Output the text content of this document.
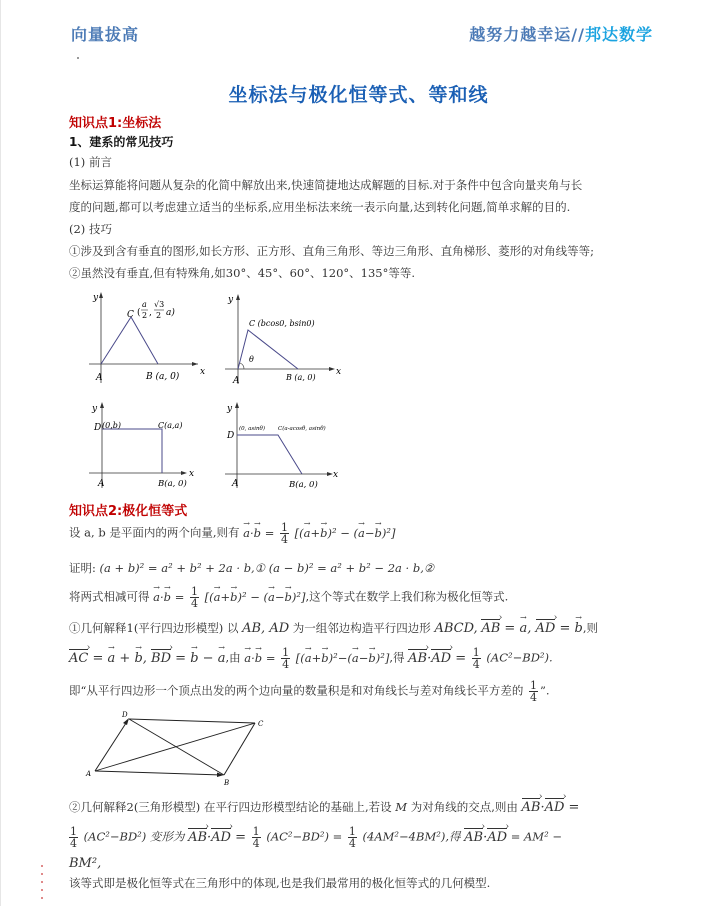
向量拔高	越努力越幸运//邦达数学
坐标法与极化恒等式、等和线
知识点1:坐标法
1、建系的常见技巧
(1) 前言
坐标运算能将问题从复杂的化简中解放出来,快速简捷地达成解题的目标.对于条件中包含向量夹角与长
度的问题,都可以考虑建立适当的坐标系,应用坐标法来统一表示向量,达到转化问题,简单求解的目的.
(2) 技巧
①涉及到含有垂直的图形,如长方形、正方形、直角三角形、等边三角形、直角梯形、菱形的对角线等等;
②虽然没有垂直,但有特殊角,如30°、45°、60°、120°、135°等等.
y
x
A	B (a, 0)
C (
a
2 ,
√3
2 a)
y
x
A	B (a, 0)
C (bcos0, bsin0)
θ
y
x
A	B(a, 0)
D (0,b)	C(a,a)
y
x
A	B(a, 0)
D
(0, asinθ) C(a-acosθ, asinθ)
知识点2:极化恒等式
设 a, b 是平面内的两个向量,则有 → $a\cdot\to b = \frac{1}{4}$ [(→ a+→ b)² − (→ a−→ b)²]
证明: (a + b)² = a² + b² + 2a · b,① (a − b)² = a² + b² − 2a · b,②
将两式相减可得 → $a\cdot\to b = \frac{1}{4}$ [(→ a+→ b)² − (→ a−→ b)²],这个等式在数学上我们称为极化恒等式.
①几何解释1(平行四边形模型) 以 AB, AD 为一组邻边构造平行四边形 ABCD, AB › = → a, AD › = → b,则
AC › = → a + → b, BD › = → b − → a,由 → $a\cdot\to b = \frac{1}{4}$ [(→ a+→ b)²−(→ a−→ b)²],得 AB ›·AD › = $\frac{1}{4} (AC^2-BD^2)$.
即“从平行四边形一个顶点出发的两个边向量的数量积是和对角线长与差对角线长平方差的 $\frac{1}{4}$ ”.
A
B
C
D
②几何解释2(三角形模型) 在平行四边形模型结论的基础上,若设 M 为对角线的交点,则由 AB ›·AD › =
$\frac{1}{4} (AC^2-BD^2)$ 变形为 AB ›·AD › = $\frac{1}{4} (AC^2-BD^2) = \frac{1}{4} (4AM^2-4BM^2)$,得 AB ›·AD › = AM² −
BM²,
该等式即是极化恒等式在三角形中的体现,也是我们最常用的极化恒等式的几何模型.
